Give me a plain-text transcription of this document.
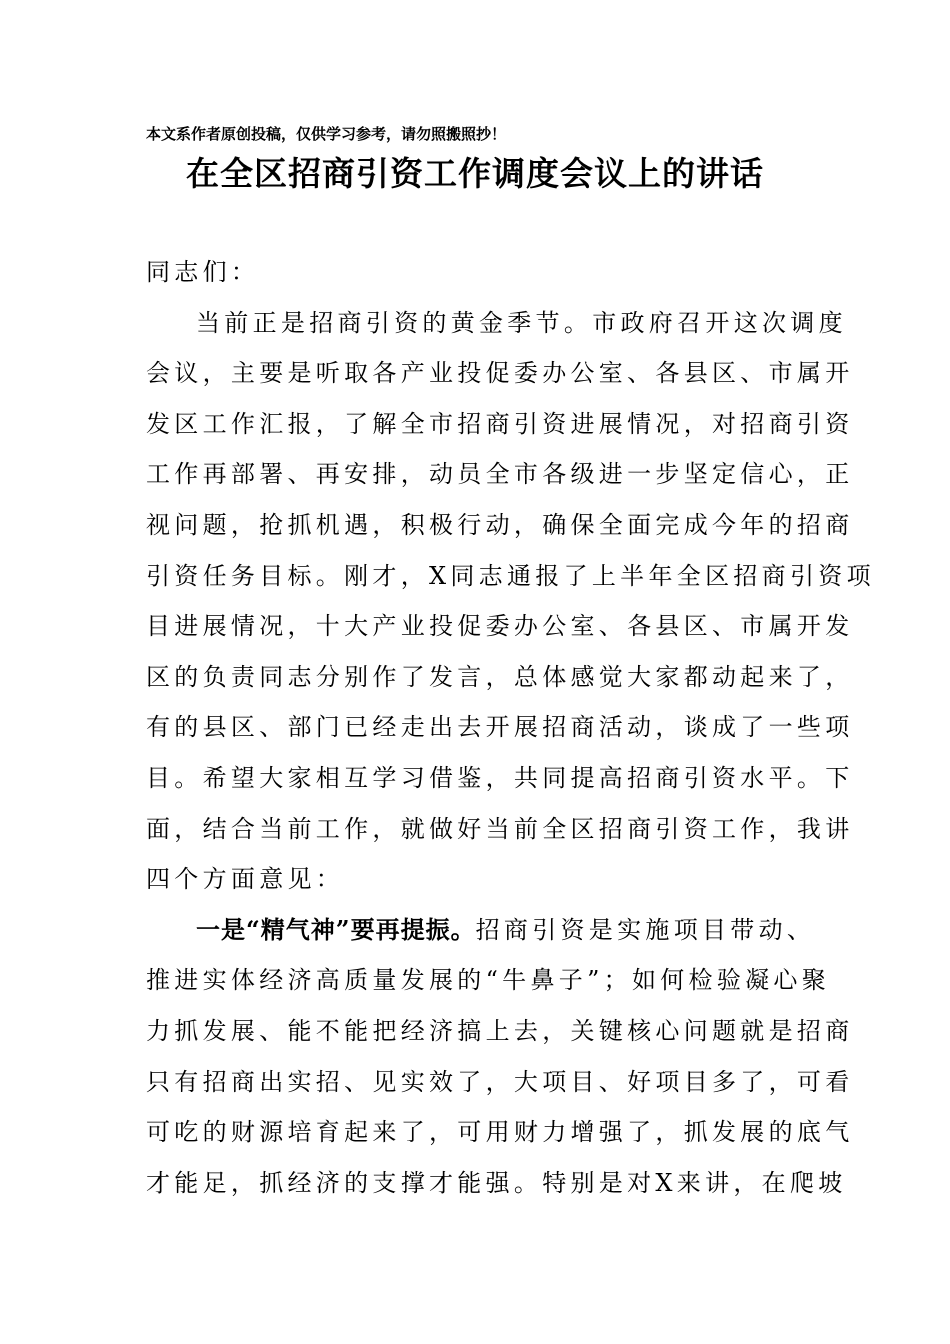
本文系作者原创投稿，仅供学习参考，请勿照搬照抄！
在全区招商引资工作调度会议上的讲话
同志们：
当前正是招商引资的黄金季节。市政府召开这次调度
会议，主要是听取各产业投促委办公室、各县区、市属开
发区工作汇报，了解全市招商引资进展情况，对招商引资
工作再部署、再安排，动员全市各级进一步坚定信心，正
视问题，抢抓机遇，积极行动，确保全面完成今年的招商
引资任务目标。刚才，X同志通报了上半年全区招商引资项
目进展情况，十大产业投促委办公室、各县区、市属开发
区的负责同志分别作了发言，总体感觉大家都动起来了，
有的县区、部门已经走出去开展招商活动，谈成了一些项
目。希望大家相互学习借鉴，共同提高招商引资水平。下
面，结合当前工作，就做好当前全区招商引资工作，我讲
四个方面意见：
一是“精气神”要再提振。招商引资是实施项目带动、
推进实体经济高质量发展的“牛鼻子”；如何检验凝心聚
力抓发展、能不能把经济搞上去，关键核心问题就是招商
只有招商出实招、见实效了，大项目、好项目多了，可看
可吃的财源培育起来了，可用财力增强了，抓发展的底气
才能足，抓经济的支撑才能强。特别是对X来讲，在爬坡
